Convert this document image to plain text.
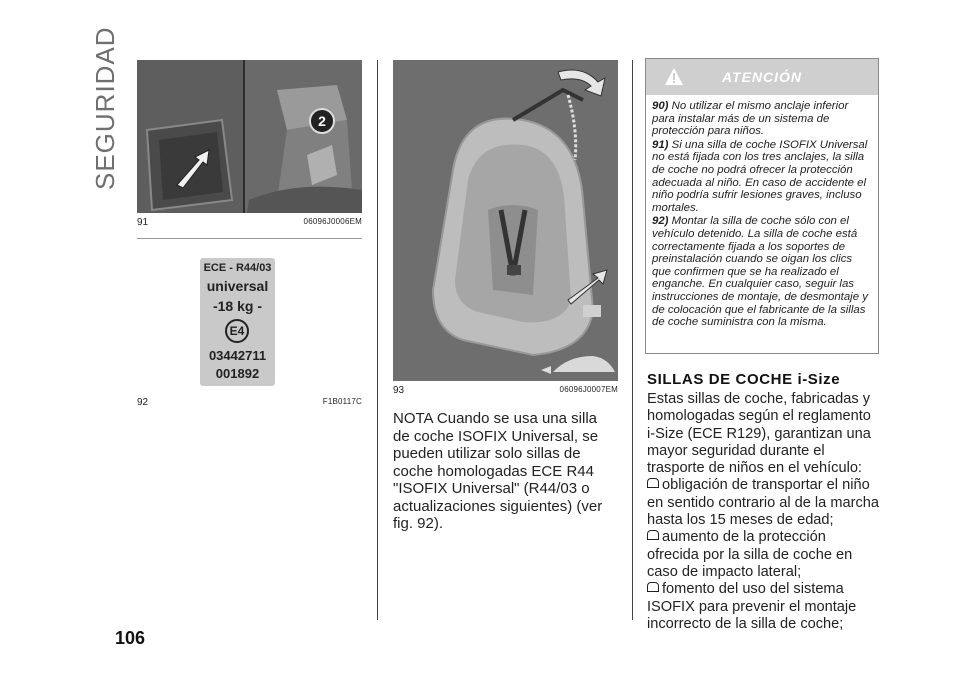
SEGURIDAD	2
91	06096J0006EM
ECE - R44/03
universal
-18 kg -
E4
03442711
001892
92	F1B0117C
93	06096J0007EM
NOTA Cuando se usa una silla de coche ISOFIX Universal, se pueden utilizar solo sillas de coche homologadas ECE R44 "ISOFIX Universal" (R44/03 o actualizaciones siguientes) (ver fig. 92).
ATENCIÓN

90) No utilizar el mismo anclaje inferior para instalar más de un sistema de protección para niños.

91) Si una silla de coche ISOFIX Universal no está fijada con los tres anclajes, la silla de coche no podrá ofrecer la protección adecuada al niño. En caso de accidente el niño podría sufrir lesiones graves, incluso mortales.

92) Montar la silla de coche sólo con el vehículo detenido. La silla de coche está correctamente fijada a los soportes de preinstalación cuando se oigan los clics que confirmen que se ha realizado el enganche. En cualquier caso, seguir las instrucciones de montaje, de desmontaje y de colocación que el fabricante de la sillas de coche suministra con la misma.

SILLAS DE COCHE i-Size

Estas sillas de coche, fabricadas y homologadas según el reglamento i-Size (ECE R129), garantizan una mayor seguridad durante el trasporte de niños en el vehículo:

obligación de transportar el niño en sentido contrario al de la marcha hasta los 15 meses de edad;

aumento de la protección ofrecida por la silla de coche en caso de impacto lateral;

fomento del uso del sistema ISOFIX para prevenir el montaje incorrecto de la silla de coche;

106
